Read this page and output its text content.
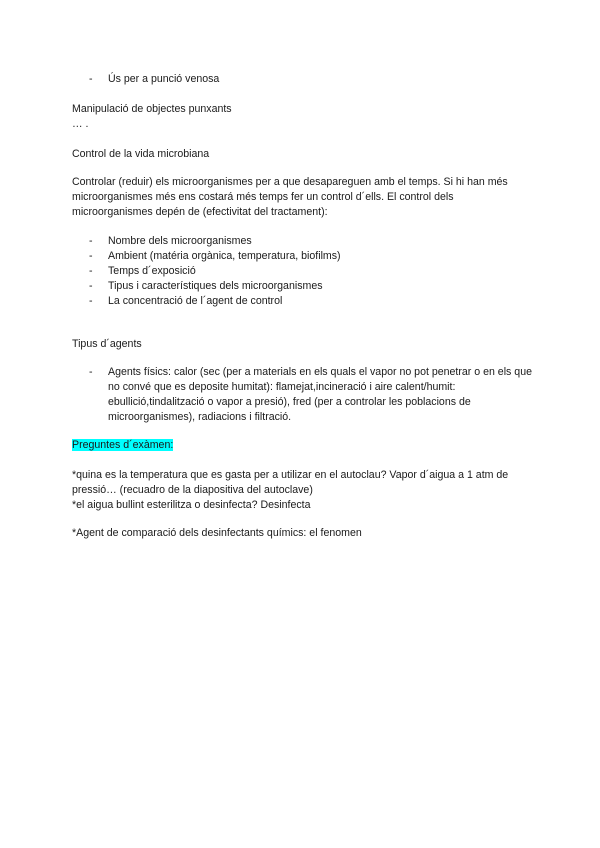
- Ús per a punció venosa

Manipulació de objectes punxants

… .

Control de la vida microbiana

Controlar (reduir) els microorganismes per a que desapareguen amb el temps. Si hi han més microorganismes més ens costará més temps fer un control d´ells. El control dels microorganismes depén de (efectivitat del tractament):

- Nombre dels microorganismes
- Ambient (matéria orgànica, temperatura, biofilms)
- Temps d´exposició
- Tipus i característiques dels microorganismes
- La concentració de l´agent de control

Tipus d´agents

- Agents físics: calor (sec (per a materials en els quals el vapor no pot penetrar o en els que no convé que es deposite humitat): flamejat,incineració i aire calent/humit: ebullició,tindalització o vapor a presió), fred (per a controlar les poblacions de microorganismes), radiacions i filtració.

Preguntes d´exàmen:

*quina es la temperatura que es gasta per a utilizar en el autoclau? Vapor d´aigua a 1 atm de pressió… (recuadro de la diapositiva del autoclave)

*el aigua bullint esterilitza o desinfecta? Desinfecta

*Agent de comparació dels desinfectants químics: el fenomen
